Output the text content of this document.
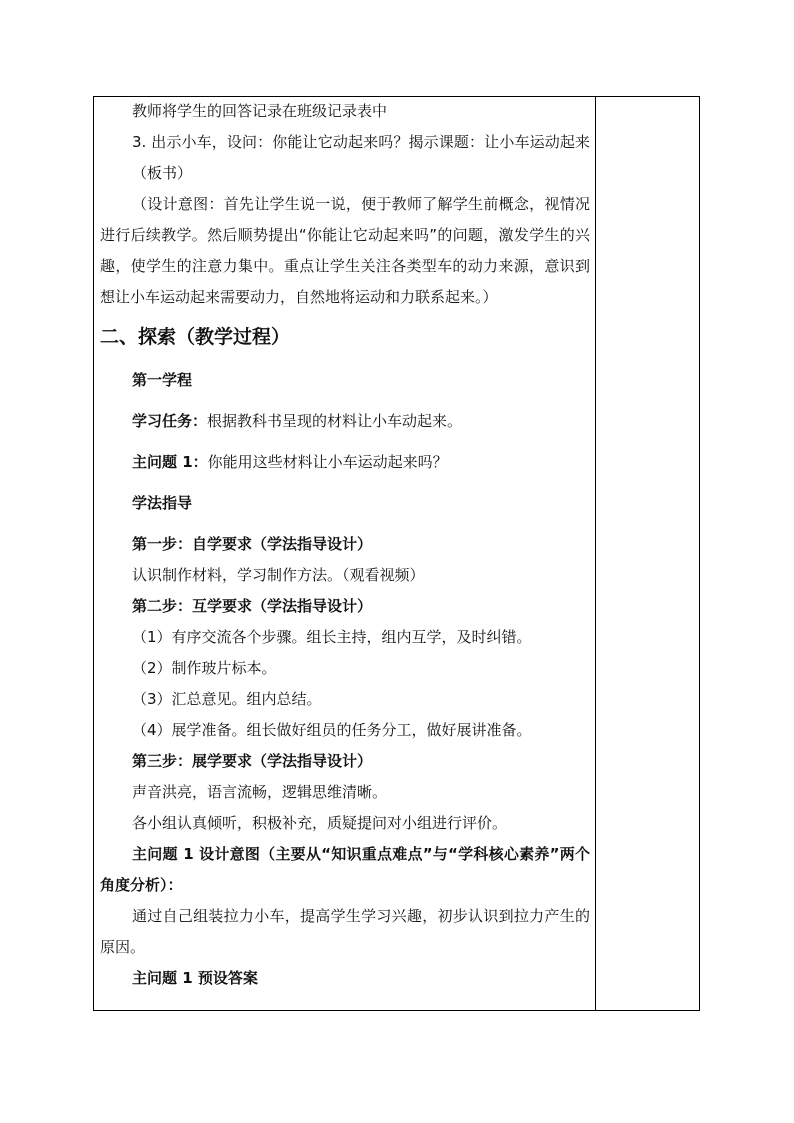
教师将学生的回答记录在班级记录表中

3. 出示小车，设问：你能让它动起来吗？揭示课题：让小车运动起来（板书）

（设计意图：首先让学生说一说，便于教师了解学生前概念，视情况进行后续教学。然后顺势提出“你能让它动起来吗”的问题，激发学生的兴趣，使学生的注意力集中。重点让学生关注各类型车的动力来源，意识到想让小车运动起来需要动力，自然地将运动和力联系起来。）

二、探索（教学过程）

第一学程

学习任务：根据教科书呈现的材料让小车动起来。

主问题 1：你能用这些材料让小车运动起来吗？

学法指导

第一步：自学要求（学法指导设计）

认识制作材料，学习制作方法。（观看视频）

第二步：互学要求（学法指导设计）

（1）有序交流各个步骤。组长主持，组内互学，及时纠错。

（2）制作玻片标本。

（3）汇总意见。组内总结。

（4）展学准备。组长做好组员的任务分工，做好展讲准备。

第三步：展学要求（学法指导设计）

声音洪亮，语言流畅，逻辑思维清晰。

各小组认真倾听，积极补充，质疑提问对小组进行评价。

主问题 1 设计意图（主要从“知识重点难点”与“学科核心素养”两个角度分析）：

通过自己组装拉力小车，提高学生学习兴趣，初步认识到拉力产生的原因。

主问题 1 预设答案
